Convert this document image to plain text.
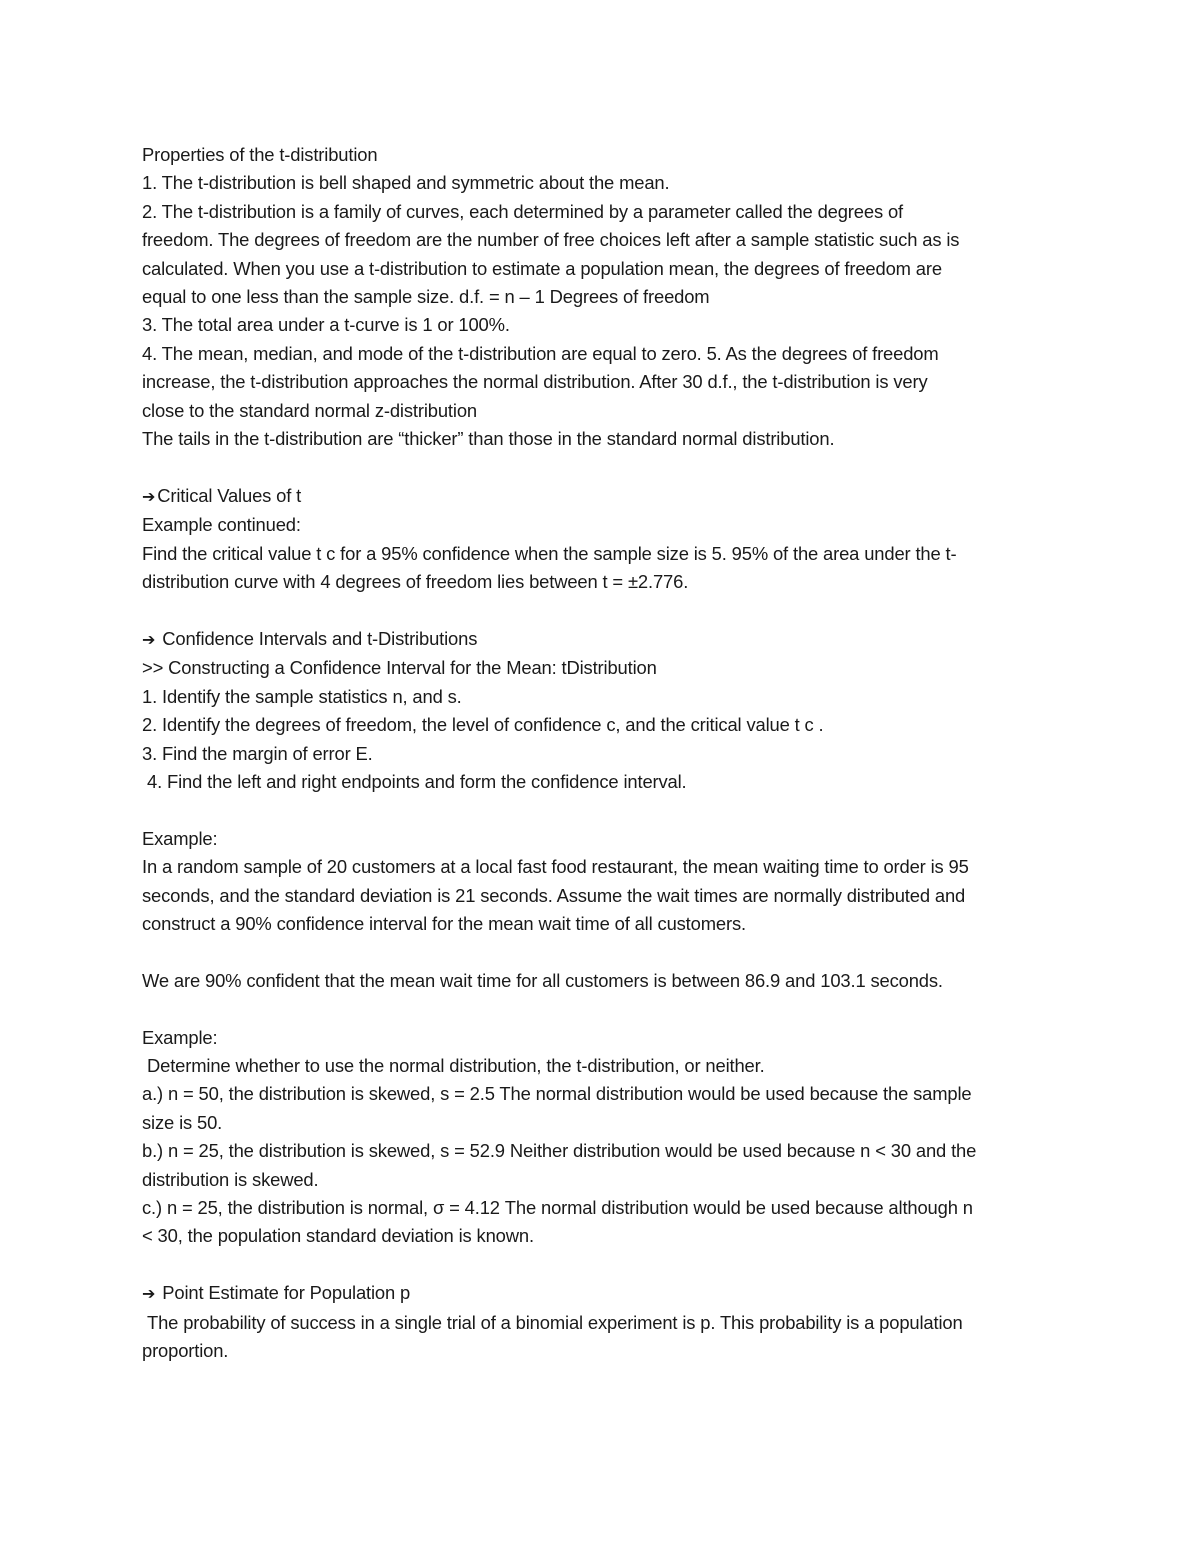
Properties of the t-distribution
1. The t-distribution is bell shaped and symmetric about the mean.
2. The t-distribution is a family of curves, each determined by a parameter called the degrees of
freedom. The degrees of freedom are the number of free choices left after a sample statistic such as is
calculated. When you use a t-distribution to estimate a population mean, the degrees of freedom are
equal to one less than the sample size. d.f. = n – 1 Degrees of freedom
3. The total area under a t-curve is 1 or 100%.
4. The mean, median, and mode of the t-distribution are equal to zero. 5. As the degrees of freedom
increase, the t-distribution approaches the normal distribution. After 30 d.f., the t-distribution is very
close to the standard normal z-distribution
The tails in the t-distribution are “thicker” than those in the standard normal distribution.
➔ Critical Values of t
Example continued:
Find the critical value t c for a 95% confidence when the sample size is 5. 95% of the area under the t-
distribution curve with 4 degrees of freedom lies between t = ±2.776.
➔ Confidence Intervals and t-Distributions
>> Constructing a Confidence Interval for the Mean: tDistribution
1. Identify the sample statistics n, and s.
2. Identify the degrees of freedom, the level of confidence c, and the critical value t c .
3. Find the margin of error E.
4. Find the left and right endpoints and form the confidence interval.
Example:
In a random sample of 20 customers at a local fast food restaurant, the mean waiting time to order is 95
seconds, and the standard deviation is 21 seconds. Assume the wait times are normally distributed and
construct a 90% confidence interval for the mean wait time of all customers.
We are 90% confident that the mean wait time for all customers is between 86.9 and 103.1 seconds.
Example:
Determine whether to use the normal distribution, the t-distribution, or neither.
a.) n = 50, the distribution is skewed, s = 2.5 The normal distribution would be used because the sample
size is 50.
b.) n = 25, the distribution is skewed, s = 52.9 Neither distribution would be used because n < 30 and the
distribution is skewed.
c.) n = 25, the distribution is normal, σ = 4.12 The normal distribution would be used because although n
< 30, the population standard deviation is known.
➔ Point Estimate for Population p
The probability of success in a single trial of a binomial experiment is p. This probability is a population
proportion.
